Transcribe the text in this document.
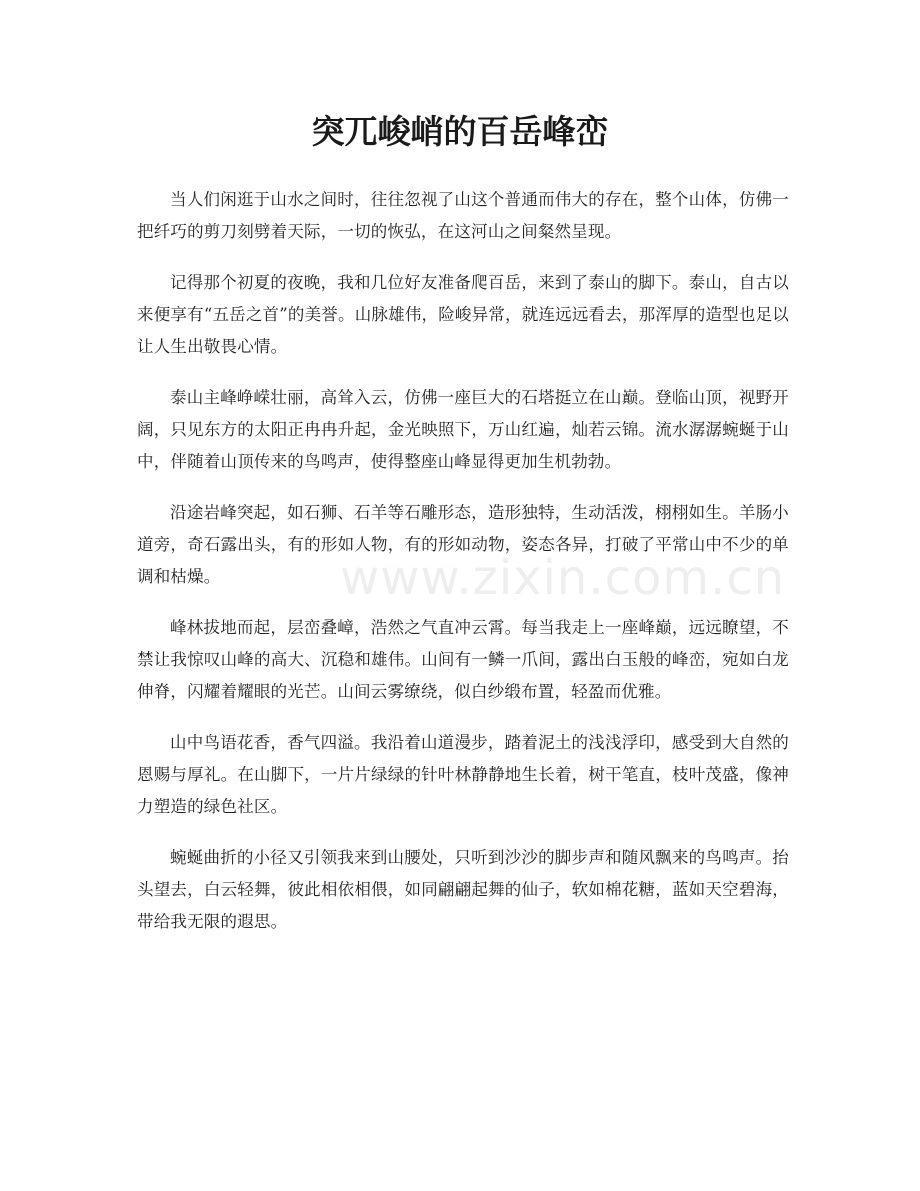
突兀峻峭的百岳峰峦

当人们闲逛于山水之间时，往往忽视了山这个普通而伟大的存在，整个山体，仿佛一把纤巧的剪刀刻劈着天际，一切的恢弘，在这河山之间粲然呈现。

记得那个初夏的夜晚，我和几位好友准备爬百岳，来到了泰山的脚下。泰山，自古以来便享有“五岳之首”的美誉。山脉雄伟，险峻异常，就连远远看去，那浑厚的造型也足以让人生出敬畏心情。

泰山主峰峥嵘壮丽，高耸入云，仿佛一座巨大的石塔挺立在山巅。登临山顶，视野开阔，只见东方的太阳正冉冉升起，金光映照下，万山红遍，灿若云锦。流水潺潺蜿蜒于山中，伴随着山顶传来的鸟鸣声，使得整座山峰显得更加生机勃勃。

沿途岩峰突起，如石狮、石羊等石雕形态，造形独特，生动活泼，栩栩如生。羊肠小道旁，奇石露出头，有的形如人物，有的形如动物，姿态各异，打破了平常山中不少的单调和枯燥。

峰林拔地而起，层峦叠嶂，浩然之气直冲云霄。每当我走上一座峰巅，远远瞭望，不禁让我惊叹山峰的高大、沉稳和雄伟。山间有一鳞一爪间，露出白玉般的峰峦，宛如白龙伸脊，闪耀着耀眼的光芒。山间云雾缭绕，似白纱缎布置，轻盈而优雅。

山中鸟语花香，香气四溢。我沿着山道漫步，踏着泥土的浅浅浮印，感受到大自然的恩赐与厚礼。在山脚下，一片片绿绿的针叶林静静地生长着，树干笔直，枝叶茂盛，像神力塑造的绿色社区。

蜿蜒曲折的小径又引领我来到山腰处，只听到沙沙的脚步声和随风飘来的鸟鸣声。抬头望去，白云轻舞，彼此相依相偎，如同翩翩起舞的仙子，软如棉花糖，蓝如天空碧海，带给我无限的遐思。

www.zixin.com.cn
